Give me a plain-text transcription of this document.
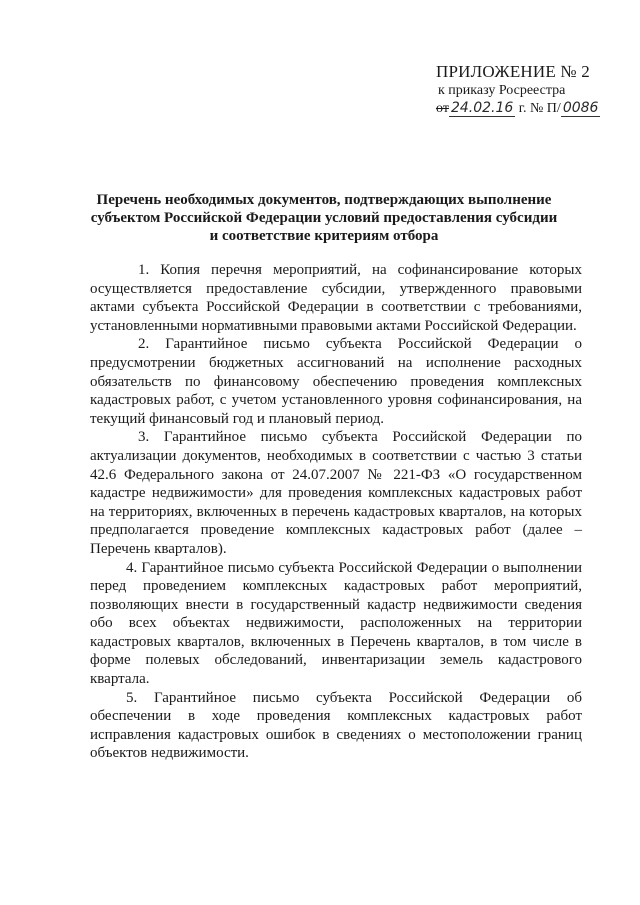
ПРИЛОЖЕНИЕ № 2
к приказу Росреестра
от 24.02.16 г. № П/ 0086
Перечень необходимых документов, подтверждающих выполнение субъектом Российской Федерации условий предоставления субсидии и соответствие критериям отбора

1. Копия перечня мероприятий, на софинансирование которых осуществляется предоставление субсидии, утвержденного правовыми актами субъекта Российской Федерации в соответствии с требованиями, установленными нормативными правовыми актами Российской Федерации.

2. Гарантийное письмо субъекта Российской Федерации о предусмотрении бюджетных ассигнований на исполнение расходных обязательств по финансовому обеспечению проведения комплексных кадастровых работ, с учетом установленного уровня софинансирования, на текущий финансовый год и плановый период.

3. Гарантийное письмо субъекта Российской Федерации по актуализации документов, необходимых в соответствии с частью 3 статьи 42.6 Федерального закона от 24.07.2007 № 221-ФЗ «О государственном кадастре недвижимости» для проведения комплексных кадастровых работ на территориях, включенных в перечень кадастровых кварталов, на которых предполагается проведение комплексных кадастровых работ (далее – Перечень кварталов).

4. Гарантийное письмо субъекта Российской Федерации о выполнении перед проведением комплексных кадастровых работ мероприятий, позволяющих внести в государственный кадастр недвижимости сведения обо всех объектах недвижимости, расположенных на территории кадастровых кварталов, включенных в Перечень кварталов, в том числе в форме полевых обследований, инвентаризации земель кадастрового квартала.

5. Гарантийное письмо субъекта Российской Федерации об обеспечении в ходе проведения комплексных кадастровых работ исправления кадастровых ошибок в сведениях о местоположении границ объектов недвижимости.
